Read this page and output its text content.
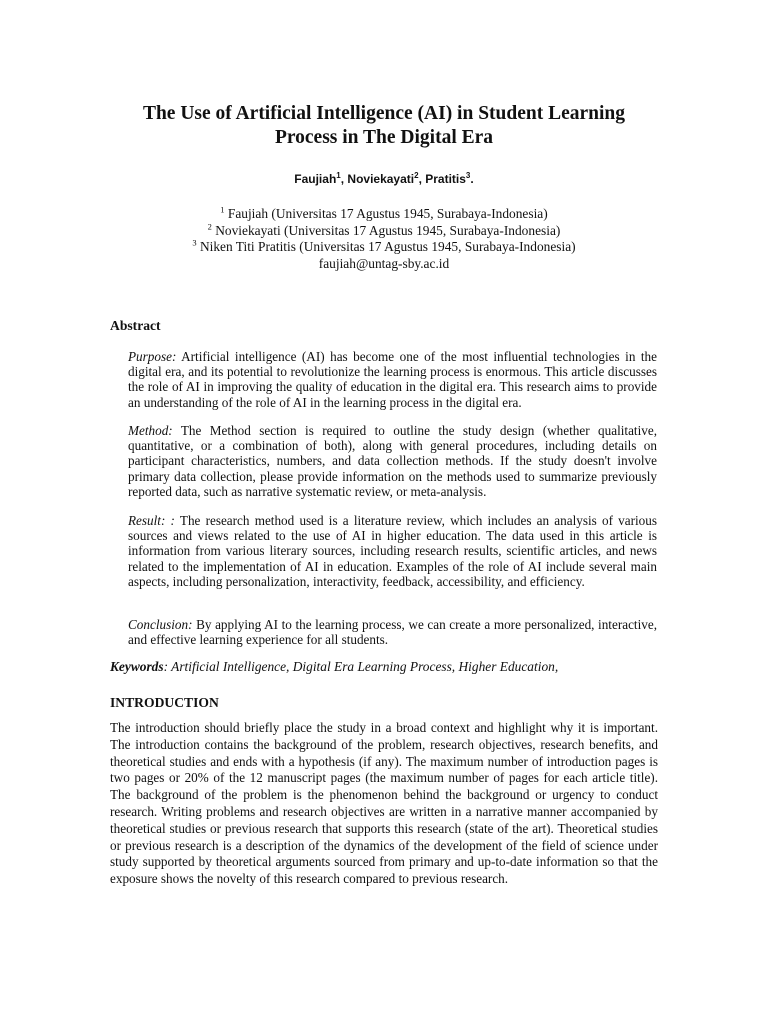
The Use of Artificial Intelligence (AI) in Student Learning
Process in The Digital Era
Faujiah$^1$, Noviekayati$^2$, Pratitis$^3$.
$^1$ Faujiah (Universitas 17 Agustus 1945, Surabaya-Indonesia)
$^2$ Noviekayati (Universitas 17 Agustus 1945, Surabaya-Indonesia)
$^3$ Niken Titi Pratitis (Universitas 17 Agustus 1945, Surabaya-Indonesia)
faujiah@untag-sby.ac.id
Abstract

Purpose: Artificial intelligence (AI) has become one of the most influential technologies in the digital era, and its potential to revolutionize the learning process is enormous. This article discusses the role of AI in improving the quality of education in the digital era. This research aims to provide an understanding of the role of AI in the learning process in the digital era.

Method: The Method section is required to outline the study design (whether qualitative, quantitative, or a combination of both), along with general procedures, including details on participant characteristics, numbers, and data collection methods. If the study doesn't involve primary data collection, please provide information on the methods used to summarize previously reported data, such as narrative systematic review, or meta-analysis.

Result: : The research method used is a literature review, which includes an analysis of various sources and views related to the use of AI in higher education. The data used in this article is information from various literary sources, including research results, scientific articles, and news related to the implementation of AI in education. Examples of the role of AI include several main aspects, including personalization, interactivity, feedback, accessibility, and efficiency.

Conclusion: By applying AI to the learning process, we can create a more personalized, interactive, and effective learning experience for all students.

Keywords: Artificial Intelligence, Digital Era Learning Process, Higher Education,
INTRODUCTION

The introduction should briefly place the study in a broad context and highlight why it is important. The introduction contains the background of the problem, research objectives, research benefits, and theoretical studies and ends with a hypothesis (if any). The maximum number of introduction pages is two pages or 20% of the 12 manuscript pages (the maximum number of pages for each article title). The background of the problem is the phenomenon behind the background or urgency to conduct research. Writing problems and research objectives are written in a narrative manner accompanied by theoretical studies or previous research that supports this research (state of the art). Theoretical studies or previous research is a description of the dynamics of the development of the field of science under study supported by theoretical arguments sourced from primary and up-to-date information so that the exposure shows the novelty of this research compared to previous research.
